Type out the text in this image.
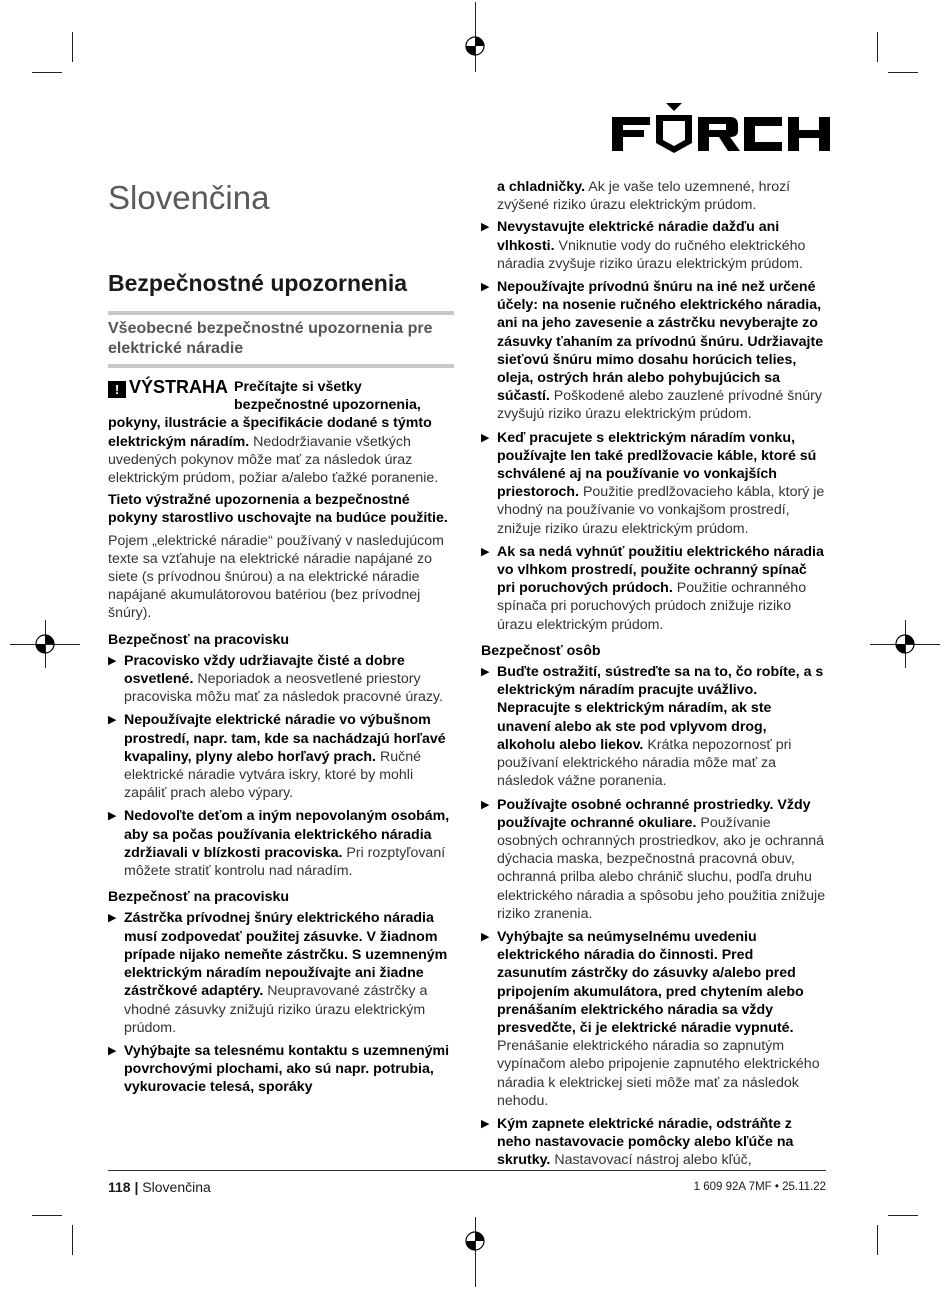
Slovenčina
Bezpečnostné upozornenia
Všeobecné bezpečnostné upozornenia pre elektrické náradie

! VÝSTRAHA Prečítajte si všetky bezpečnostné upozornenia, pokyny, ilustrácie a špecifikácie dodané s týmto elektrickým náradím. Nedodržiavanie všetkých uvedených pokynov môže mať za následok úraz elektrickým prúdom, požiar a/alebo ťažké poranenie.

Tieto výstražné upozornenia a bezpečnostné pokyny starostlivo uschovajte na budúce použitie.

Pojem „elektrické náradie“ používaný v nasledujúcom texte sa vzťahuje na elektrické náradie napájané zo siete (s prívodnou šnúrou) a na elektrické náradie napájané akumulátorovou batériou (bez prívodnej šnúry).

Bezpečnosť na pracovisku
▶ Pracovisko vždy udržiavajte čisté a dobre osvetlené. Neporiadok a neosvetlené priestory pracoviska môžu mať za následok pracovné úrazy.
▶ Nepoužívajte elektrické náradie vo výbušnom prostredí, napr. tam, kde sa nachádzajú horľavé kvapaliny, plyny alebo horľavý prach. Ručné elektrické náradie vytvára iskry, ktoré by mohli zapáliť prach alebo výpary.
▶ Nedovoľte deťom a iným nepovolaným osobám, aby sa počas používania elektrického náradia zdržiavali v blízkosti pracoviska. Pri rozptyľovaní môžete stratiť kontrolu nad náradím.
Bezpečnosť na pracovisku
▶ Zástrčka prívodnej šnúry elektrického náradia musí zodpovedať použitej zásuvke. V žiadnom prípade nijako nemeňte zástrčku. S uzemneným elektrickým náradím nepoužívajte ani žiadne zástrčkové adaptéry. Neupravované zástrčky a vhodné zásuvky znižujú riziko úrazu elektrickým prúdom.
▶ Vyhýbajte sa telesnému kontaktu s uzemnenými povrchovými plochami, ako sú napr. potrubia, vykurovacie telesá, sporáky

a chladničky. Ak je vaše telo uzemnené, hrozí zvýšené riziko úrazu elektrickým prúdom.

▶ Nevystavujte elektrické náradie dažďu ani vlhkosti. Vniknutie vody do ručného elektrického náradia zvyšuje riziko úrazu elektrickým prúdom.
▶ Nepoužívajte prívodnú šnúru na iné než určené účely: na nosenie ručného elektrického náradia, ani na jeho zavesenie a zástrčku nevyberajte zo zásuvky ťahaním za prívodnú šnúru. Udržiavajte sieťovú šnúru mimo dosahu horúcich telies, oleja, ostrých hrán alebo pohybujúcich sa súčastí. Poškodené alebo zauzlené prívodné šnúry zvyšujú riziko úrazu elektrickým prúdom.
▶ Keď pracujete s elektrickým náradím vonku, používajte len také predlžovacie káble, ktoré sú schválené aj na používanie vo vonkajších priestoroch. Použitie predlžovacieho kábla, ktorý je vhodný na používanie vo vonkajšom prostredí, znižuje riziko úrazu elektrickým prúdom.
▶ Ak sa nedá vyhnúť použitiu elektrického náradia vo vlhkom prostredí, použite ochranný spínač pri poruchových prúdoch. Použitie ochranného spínača pri poruchových prúdoch znižuje riziko úrazu elektrickým prúdom.
Bezpečnosť osôb
▶ Buďte ostražití, sústreďte sa na to, čo robíte, a s elektrickým náradím pracujte uvážlivo. Nepracujte s elektrickým náradím, ak ste unavení alebo ak ste pod vplyvom drog, alkoholu alebo liekov. Krátka nepozornosť pri používaní elektrického náradia môže mať za následok vážne poranenia.
▶ Používajte osobné ochranné prostriedky. Vždy používajte ochranné okuliare. Používanie osobných ochranných prostriedkov, ako je ochranná dýchacia maska, bezpečnostná pracovná obuv, ochranná prilba alebo chránič sluchu, podľa druhu elektrického náradia a spôsobu jeho použitia znižuje riziko zranenia.
▶ Vyhýbajte sa neúmyselnému uvedeniu elektrického náradia do činnosti. Pred zasunutím zástrčky do zásuvky a/alebo pred pripojením akumulátora, pred chytením alebo prenášaním elektrického náradia sa vždy presvedčte, či je elektrické náradie vypnuté. Prenášanie elektrického náradia so zapnutým vypínačom alebo pripojenie zapnutého elektrického náradia k elektrickej sieti môže mať za následok nehodu.
▶ Kým zapnete elektrické náradie, odstráňte z neho nastavovacie pomôcky alebo kľúče na skrutky. Nastavovací nástroj alebo kľúč,
118 | Slovenčina	1 609 92A 7MF • 25.11.22
